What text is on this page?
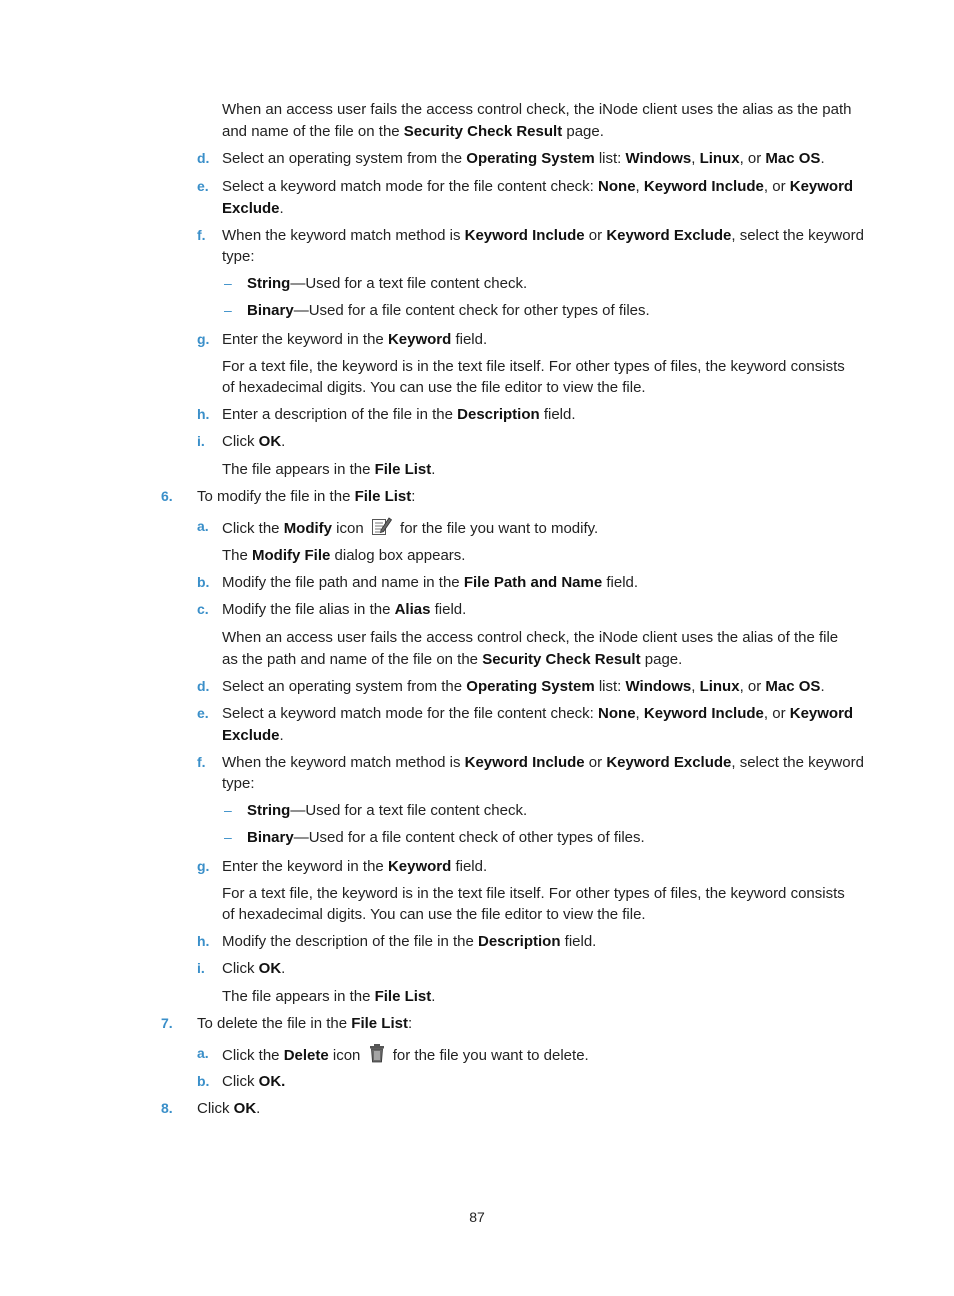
When an access user fails the access control check, the iNode client uses the alias as the path

and name of the file on the Security Check Result page.

d. Select an operating system from the Operating System list: Windows, Linux, or Mac OS.

e. Select a keyword match mode for the file content check: None, Keyword Include, or Keyword

Exclude.

f. When the keyword match method is Keyword Include or Keyword Exclude, select the keyword

type:

– String—Used for a text file content check.

– Binary—Used for a file content check for other types of files.

g. Enter the keyword in the Keyword field.

For a text file, the keyword is in the text file itself. For other types of files, the keyword consists

of hexadecimal digits. You can use the file editor to view the file.

h. Enter a description of the file in the Description field.

i. Click OK.

The file appears in the File List.

6. To modify the file in the File List:

a. Click the Modify icon  for the file you want to modify.

The Modify File dialog box appears.

b. Modify the file path and name in the File Path and Name field.

c. Modify the file alias in the Alias field.

When an access user fails the access control check, the iNode client uses the alias of the file

as the path and name of the file on the Security Check Result page.

d. Select an operating system from the Operating System list: Windows, Linux, or Mac OS.

e. Select a keyword match mode for the file content check: None, Keyword Include, or Keyword

Exclude.

f. When the keyword match method is Keyword Include or Keyword Exclude, select the keyword

type:

– String—Used for a text file content check.

– Binary—Used for a file content check of other types of files.

g. Enter the keyword in the Keyword field.

For a text file, the keyword is in the text file itself. For other types of files, the keyword consists

of hexadecimal digits. You can use the file editor to view the file.

h. Modify the description of the file in the Description field.

i. Click OK.

The file appears in the File List.

7. To delete the file in the File List:

a. Click the Delete icon  for the file you want to delete.

b. Click OK.

8. Click OK.

87
